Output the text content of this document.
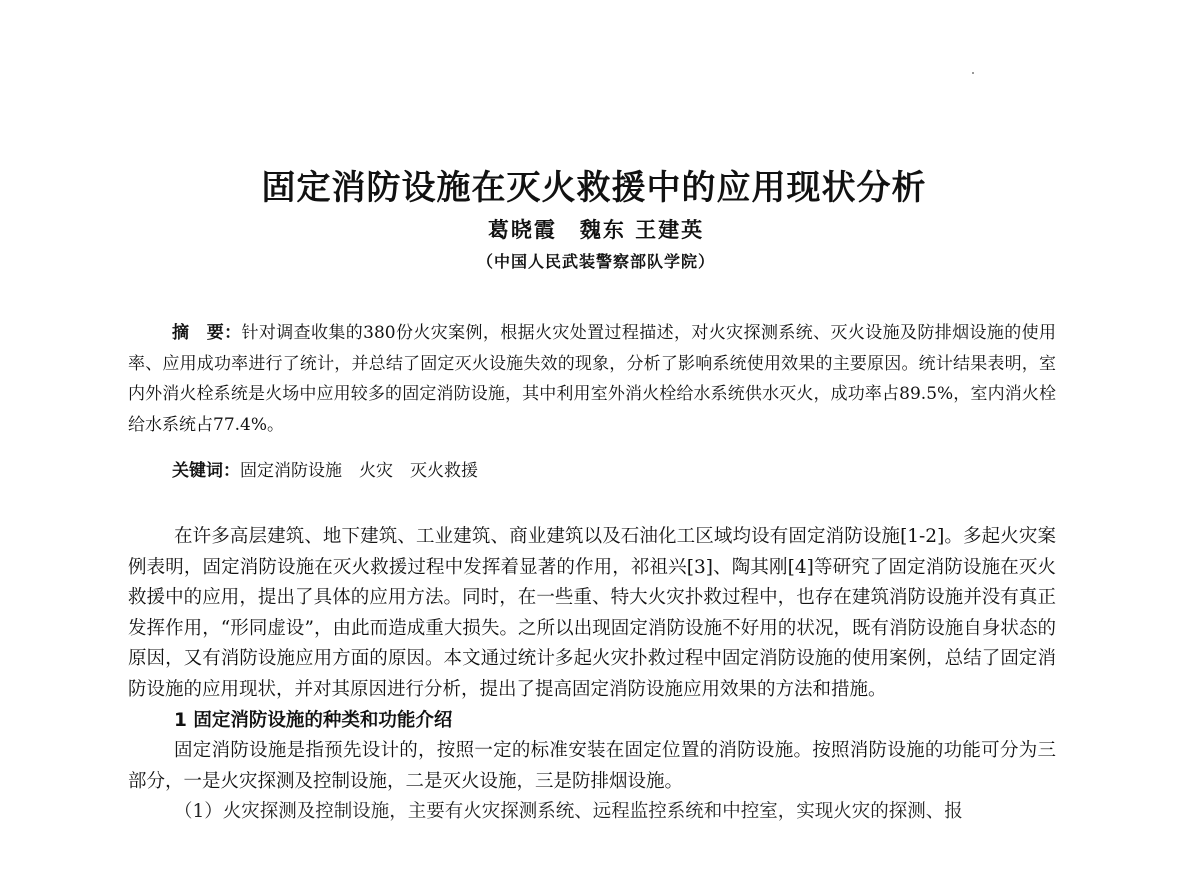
固定消防设施在灭火救援中的应用现状分析
葛晓霞　魏东 王建英
（中国人民武装警察部队学院）

摘　要：针对调查收集的380份火灾案例，根据火灾处置过程描述，对火灾探测系统、灭火设施及防排烟设施的使用率、应用成功率进行了统计，并总结了固定灭火设施失效的现象，分析了影响系统使用效果的主要原因。统计结果表明，室内外消火栓系统是火场中应用较多的固定消防设施，其中利用室外消火栓给水系统供水灭火，成功率占89.5%，室内消火栓给水系统占77.4%。

关键词：固定消防设施　火灾　灭火救援

在许多高层建筑、地下建筑、工业建筑、商业建筑以及石油化工区域均设有固定消防设施[1-2]。多起火灾案例表明，固定消防设施在灭火救援过程中发挥着显著的作用，祁祖兴[3]、陶其刚[4]等研究了固定消防设施在灭火救援中的应用，提出了具体的应用方法。同时，在一些重、特大火灾扑救过程中，也存在建筑消防设施并没有真正发挥作用，“形同虚设”，由此而造成重大损失。之所以出现固定消防设施不好用的状况，既有消防设施自身状态的原因，又有消防设施应用方面的原因。本文通过统计多起火灾扑救过程中固定消防设施的使用案例，总结了固定消防设施的应用现状，并对其原因进行分析，提出了提高固定消防设施应用效果的方法和措施。

1 固定消防设施的种类和功能介绍

固定消防设施是指预先设计的，按照一定的标准安装在固定位置的消防设施。按照消防设施的功能可分为三部分，一是火灾探测及控制设施，二是灭火设施，三是防排烟设施。

（1）火灾探测及控制设施，主要有火灾探测系统、远程监控系统和中控室，实现火灾的探测、报
